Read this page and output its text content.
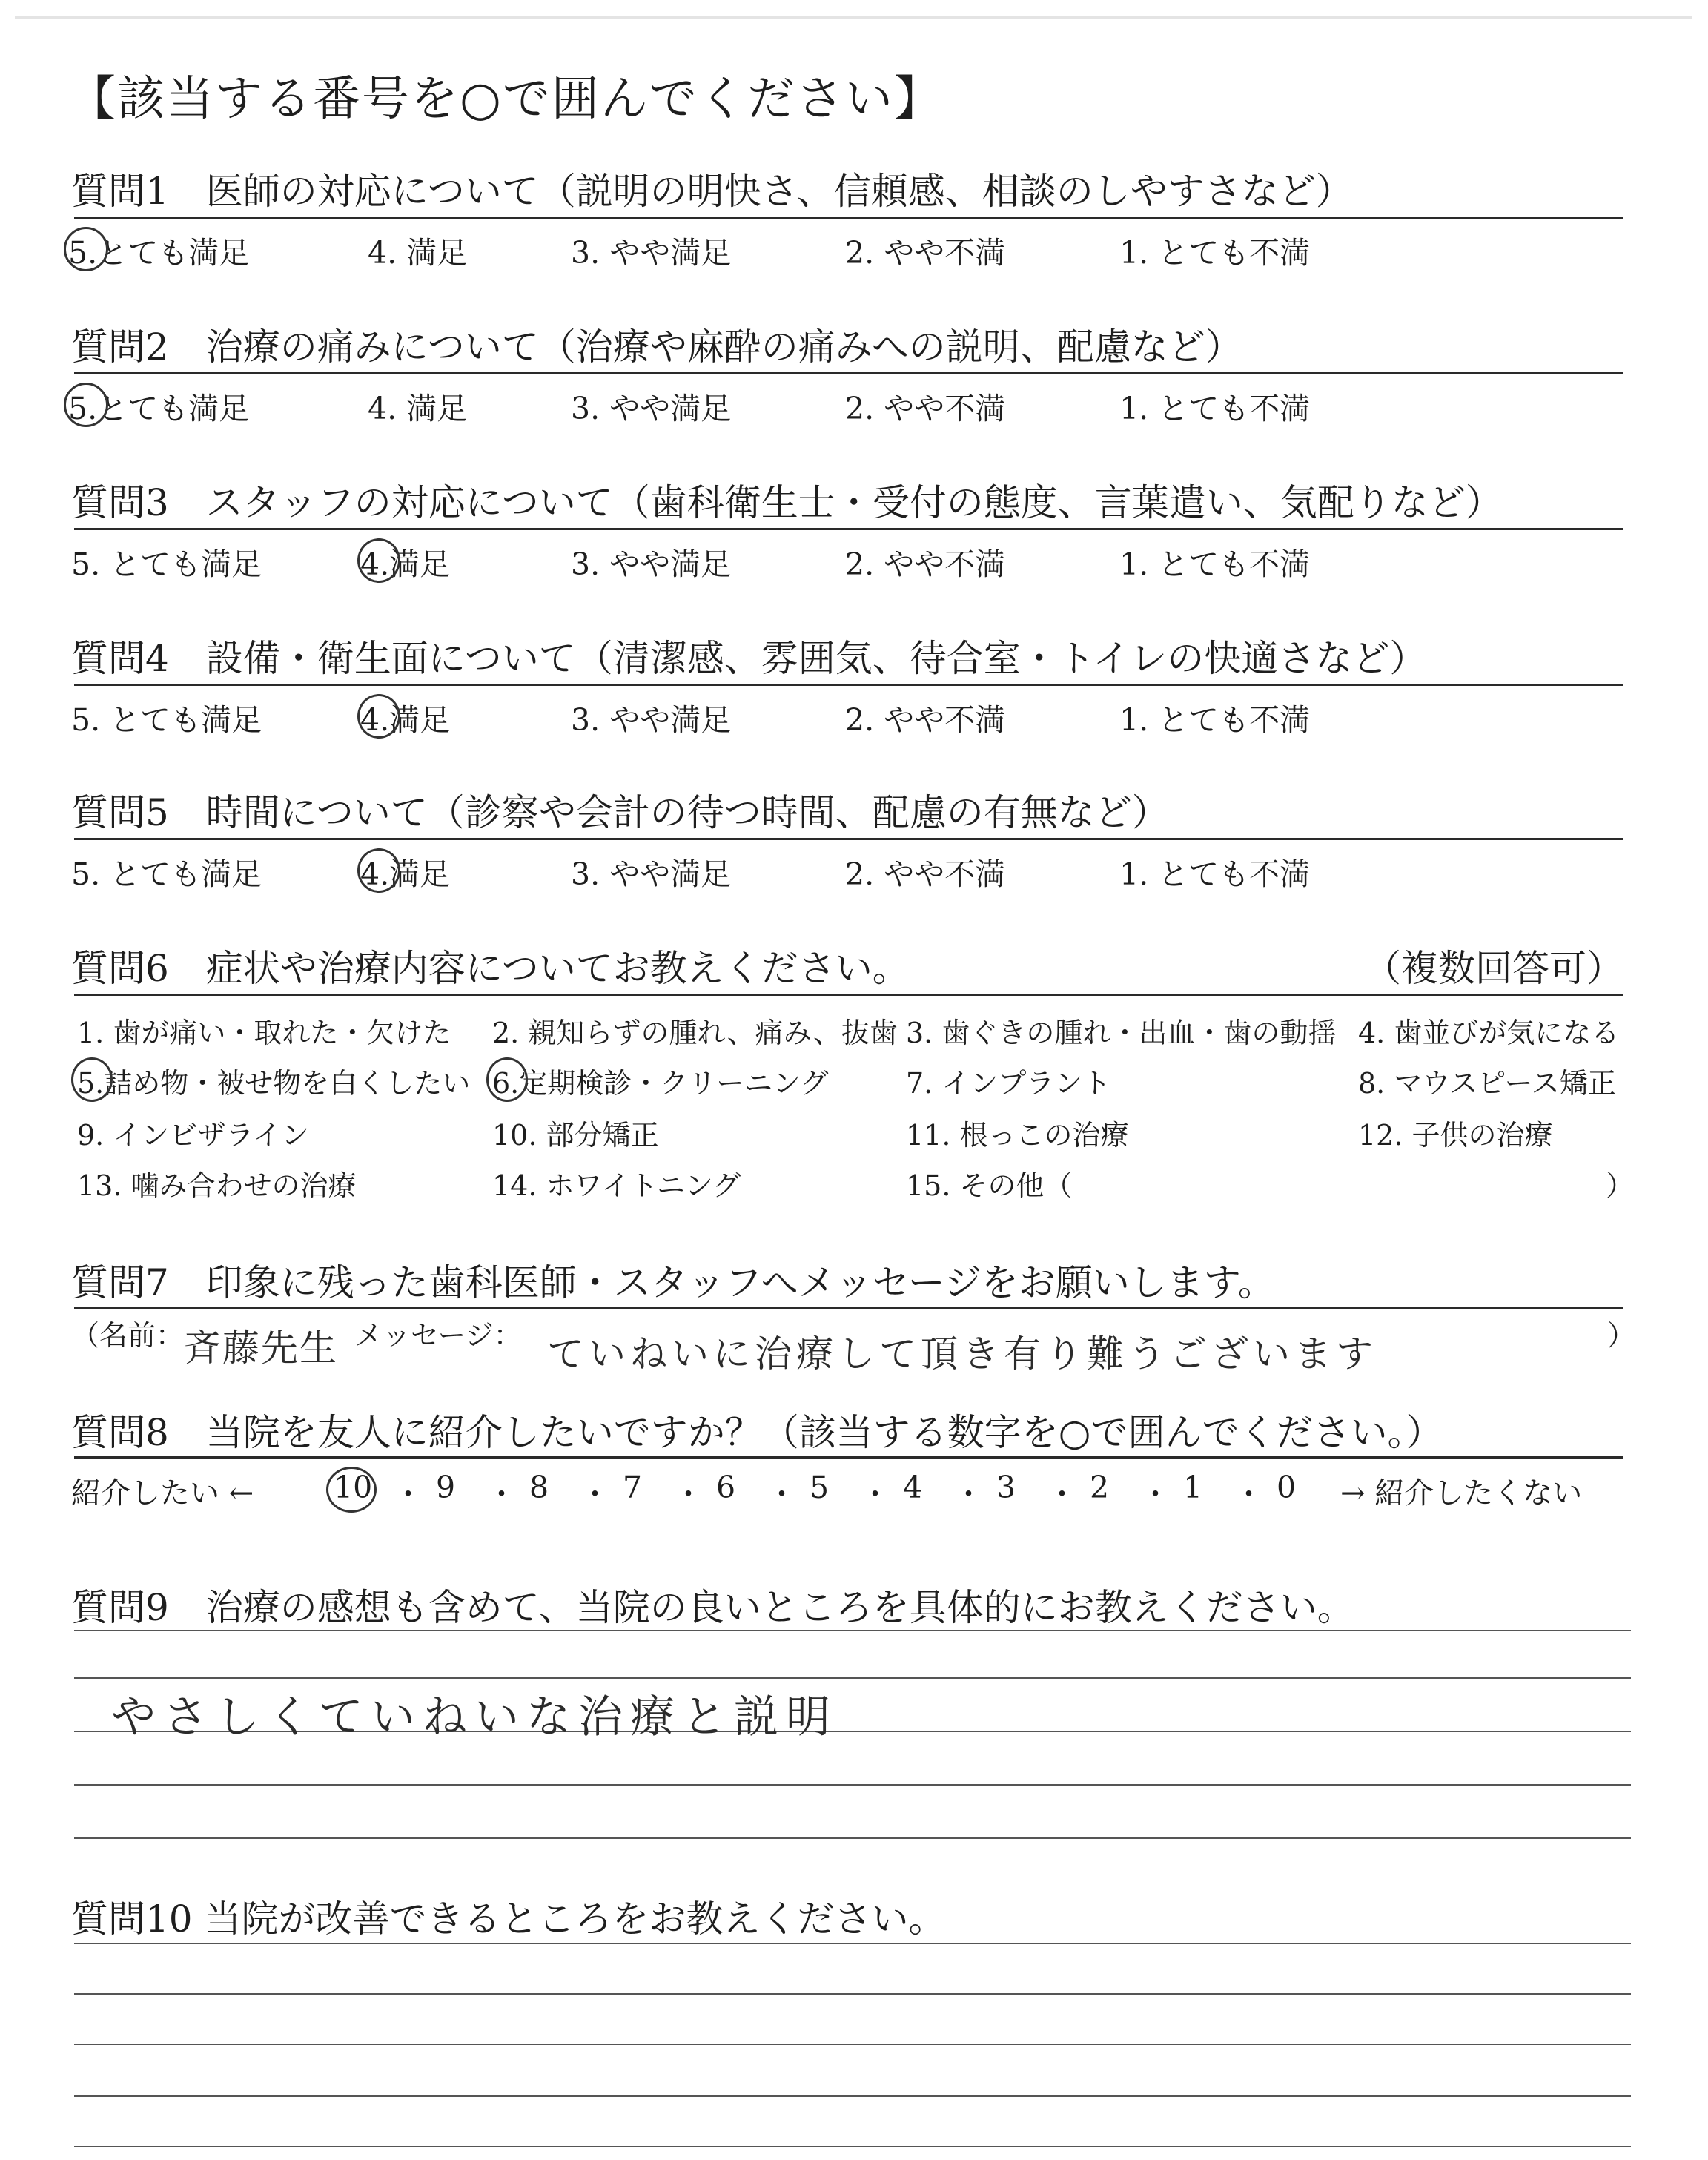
【該当する番号を○で囲んでください】
質問1　医師の対応について（説明の明快さ、信頼感、相談のしやすさなど）
5.とても満足	4. 満足	3. やや満足	2. やや不満	1. とても不満
質問2　治療の痛みについて（治療や麻酔の痛みへの説明、配慮など）
5.とても満足	4. 満足	3. やや満足	2. やや不満	1. とても不満
質問3　スタッフの対応について（歯科衛生士・受付の態度、言葉遣い、気配りなど）
5. とても満足	4.満足	3. やや満足	2. やや不満	1. とても不満
質問4　設備・衛生面について（清潔感、雰囲気、待合室・トイレの快適さなど）
5. とても満足	4.満足	3. やや満足	2. やや不満	1. とても不満
質問5　時間について（診察や会計の待つ時間、配慮の有無など）
5. とても満足	4.満足	3. やや満足	2. やや不満	1. とても不満
質問6　症状や治療内容についてお教えください。	（複数回答可）
1. 歯が痛い・取れた・欠けた 2. 親知らずの腫れ、痛み、抜歯 3. 歯ぐきの腫れ・出血・歯の動揺 4. 歯並びが気になる
5.詰め物・被せ物を白くしたい 6.定期検診・クリーニング	7. インプラント	8. マウスピース矯正
9. インビザライン	10. 部分矯正	11. 根っこの治療	12. 子供の治療
13. 噛み合わせの治療	14. ホワイトニング	15. その他（	）
質問7　印象に残った歯科医師・スタッフへメッセージをお願いします。
（名前： 斉藤先生 メッセージ： ていねいに治療して頂き有り難うございます	）
質問8　当院を友人に紹介したいですか？（該当する数字を○で囲んでください。）
紹介したい ←	10 ・ 9 ・ 8 ・ 7 ・ 6 ・ 5 ・ 4 ・ 3 ・ 2 ・ 1 ・ 0 → 紹介したくない
質問9　治療の感想も含めて、当院の良いところを具体的にお教えください。
やさしくていねいな治療と説明
質問10 当院が改善できるところをお教えください。
